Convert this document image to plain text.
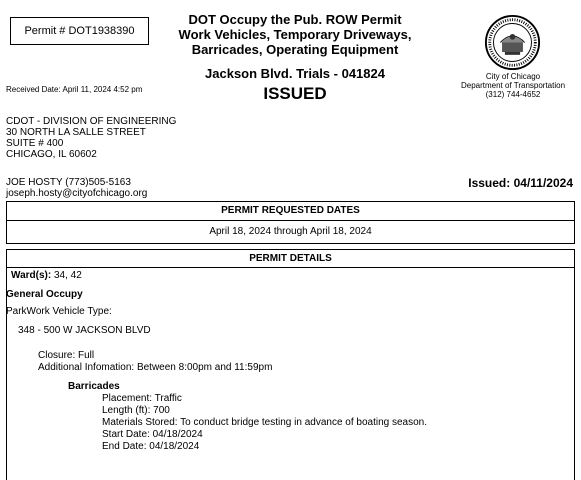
Permit # DOT1938390
DOT Occupy the Pub. ROW Permit
Work Vehicles, Temporary Driveways,
Barricades, Operating Equipment
Jackson Blvd. Trials - 041824
ISSUED
Received Date: April 11, 2024 4:52 pm
City of Chicago
Department of Transportation
(312) 744-4652
CDOT - DIVISION OF ENGINEERING
30 NORTH LA SALLE STREET
SUITE # 400
CHICAGO, IL 60602
JOE HOSTY (773)505-5163
joseph.hosty@cityofchicago.org
Issued: 04/11/2024
PERMIT REQUESTED DATES
April 18, 2024 through April 18, 2024
PERMIT DETAILS
Ward(s): 34, 42
General Occupy
ParkWork Vehicle Type:
348 - 500 W JACKSON BLVD
Closure: Full
Additional Infomation: Between 8:00pm and 11:59pm
Barricades
Placement: Traffic
Length (ft): 700
Materials Stored: To conduct bridge testing in advance of boating season.
Start Date: 04/18/2024
End Date: 04/18/2024
